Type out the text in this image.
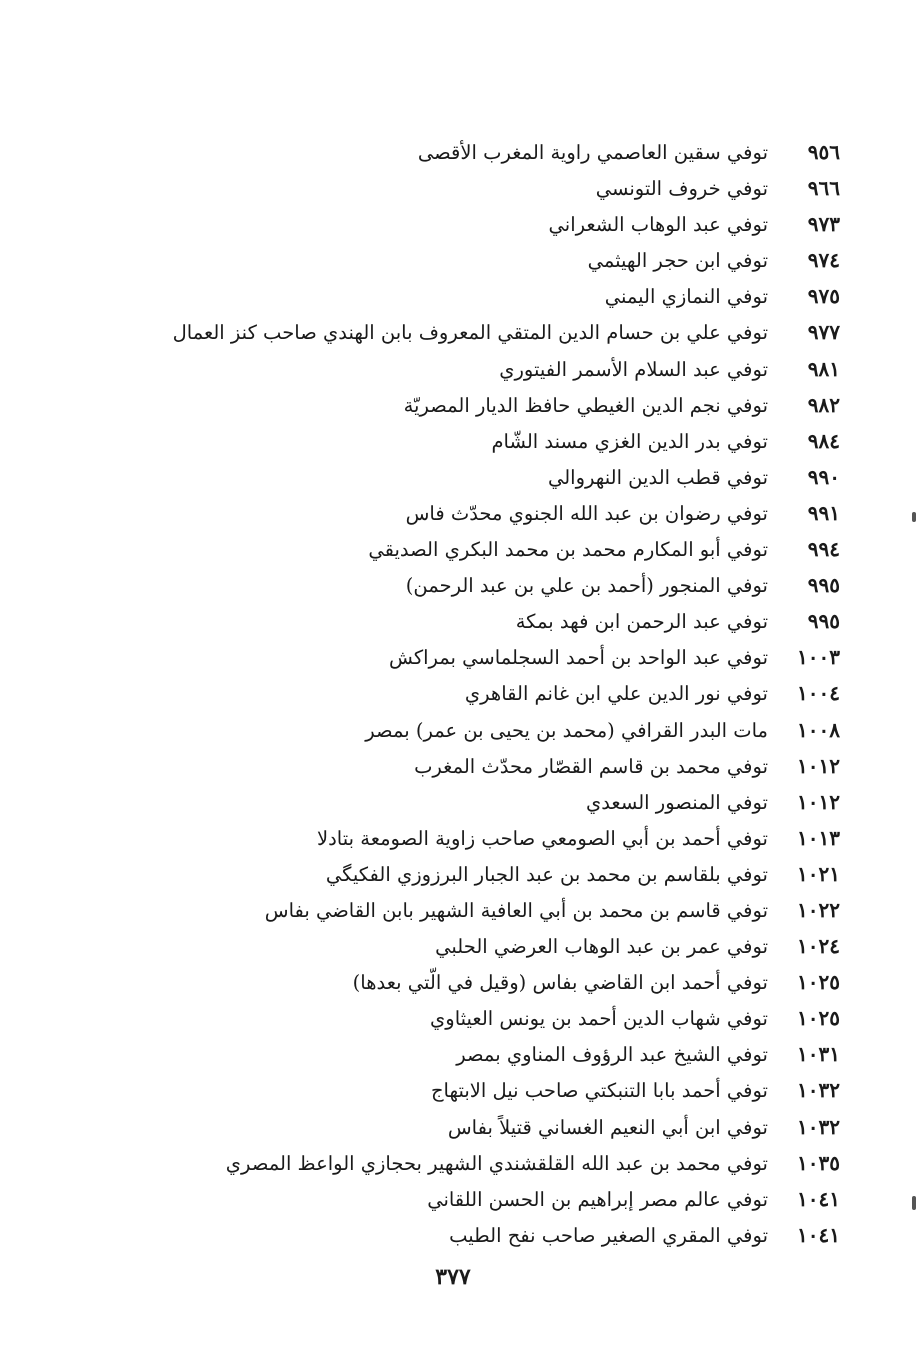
٩٥٦
توفي سقين العاصمي راوية المغرب الأقصى
٩٦٦
توفي خروف التونسي
٩٧٣
توفي عبد الوهاب الشعراني
٩٧٤
توفي ابن حجر الهيثمي
٩٧٥
توفي النمازي اليمني
٩٧٧
توفي علي بن حسام الدين المتقي المعروف بابن الهندي صاحب كنز العمال
٩٨١
توفي عبد السلام الأسمر الفيتوري
٩٨٢
توفي نجم الدين الغيطي حافظ الديار المصريّة
٩٨٤
توفي بدر الدين الغزي مسند الشّام
٩٩٠
توفي قطب الدين النهروالي
٩٩١
توفي رضوان بن عبد الله الجنوي محدّث فاس
٩٩٤
توفي أبو المكارم محمد بن محمد البكري الصديقي
٩٩٥
توفي المنجور (أحمد بن علي بن عبد الرحمن)
٩٩٥
توفي عبد الرحمن ابن فهد بمكة
١٠٠٣
توفي عبد الواحد بن أحمد السجلماسي بمراكش
١٠٠٤
توفي نور الدين علي ابن غانم القاهري
١٠٠٨
مات البدر القرافي (محمد بن يحيى بن عمر) بمصر
١٠١٢
توفي محمد بن قاسم القصّار محدّث المغرب
١٠١٢
توفي المنصور السعدي
١٠١٣
توفي أحمد بن أبي الصومعي صاحب زاوية الصومعة بتادلا
١٠٢١
توفي بلقاسم بن محمد بن عبد الجبار البرزوزي الفكيگي
١٠٢٢
توفي قاسم بن محمد بن أبي العافية الشهير بابن القاضي بفاس
١٠٢٤
توفي عمر بن عبد الوهاب العرضي الحلبي
١٠٢٥
توفي أحمد ابن القاضي بفاس (وقيل في الّتي بعدها)
١٠٢٥
توفي شهاب الدين أحمد بن يونس العيثاوي
١٠٣١
توفي الشيخ عبد الرؤوف المناوي بمصر
١٠٣٢
توفي أحمد بابا التنبكتي صاحب نيل الابتهاج
١٠٣٢
توفي ابن أبي النعيم الغساني قتيلاً بفاس
١٠٣٥
توفي محمد بن عبد الله القلقشندي الشهير بحجازي الواعظ المصري
١٠٤١
توفي عالم مصر إبراهيم بن الحسن اللقاني
١٠٤١
توفي المقري الصغير صاحب نفح الطيب
٣٧٧
